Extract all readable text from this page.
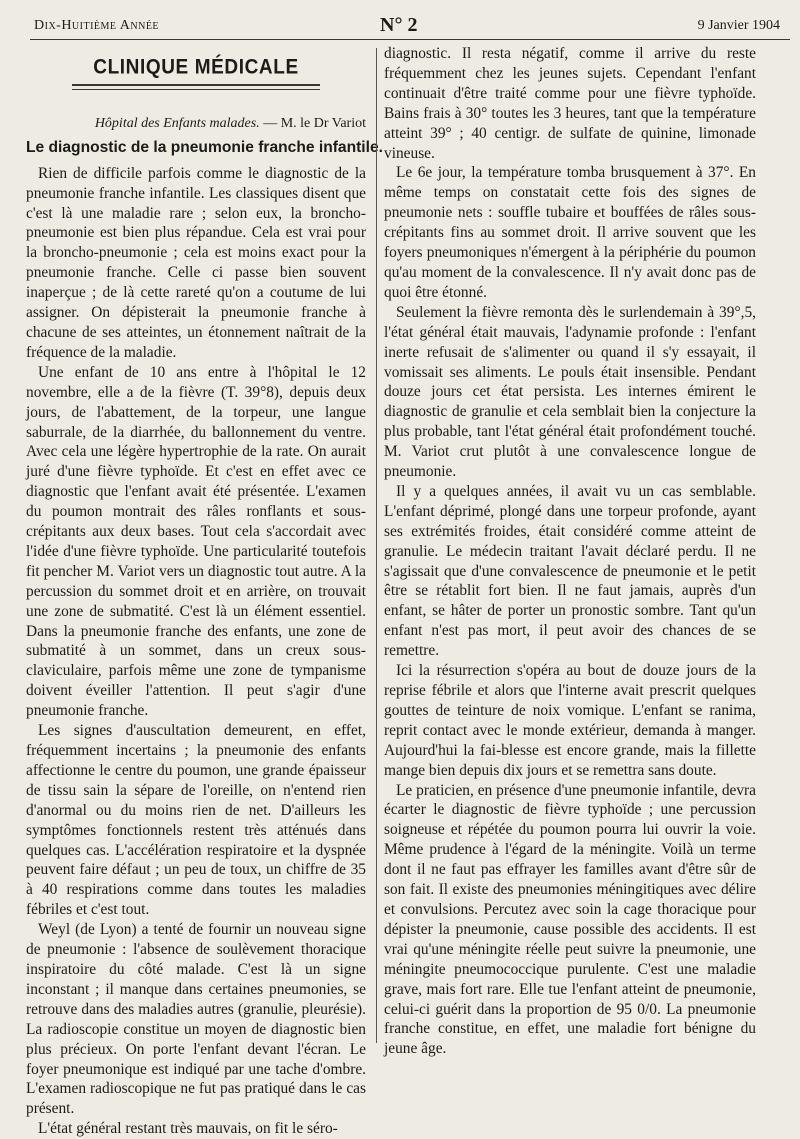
Dix-Huitième Année	N° 2	9 Janvier 1904
CLINIQUE MÉDICALE
Hôpital des Enfants malades. — M. le Dr Variot
Le diagnostic de la pneumonie franche infantile.

Rien de difficile parfois comme le diagnostic de la pneumonie franche infantile. Les classiques disent que c'est là une maladie rare ; selon eux, la broncho-pneumonie est bien plus répandue. Cela est vrai pour la broncho-pneumonie ; cela est moins exact pour la pneumonie franche. Celle ci passe bien souvent inaperçue ; de là cette rareté qu'on a coutume de lui assigner. On dépisterait la pneumonie franche à chacune de ses atteintes, un étonnement naîtrait de la fréquence de la maladie.

Une enfant de 10 ans entre à l'hôpital le 12 novembre, elle a de la fièvre (T. 39°8), depuis deux jours, de l'abattement, de la torpeur, une langue saburrale, de la diarrhée, du ballonnement du ventre. Avec cela une légère hypertrophie de la rate. On aurait juré d'une fièvre typhoïde. Et c'est en effet avec ce diagnostic que l'enfant avait été présentée. L'examen du poumon montrait des râles ronflants et sous-crépitants aux deux bases. Tout cela s'accordait avec l'idée d'une fièvre typhoïde. Une particularité toutefois fit pencher M. Variot vers un diagnostic tout autre. A la percussion du sommet droit et en arrière, on trouvait une zone de submatité. C'est là un élément essentiel. Dans la pneumonie franche des enfants, une zone de submatité à un sommet, dans un creux sous-claviculaire, parfois même une zone de tympanisme doivent éveiller l'attention. Il peut s'agir d'une pneumonie franche.

Les signes d'auscultation demeurent, en effet, fréquemment incertains ; la pneumonie des enfants affectionne le centre du poumon, une grande épaisseur de tissu sain la sépare de l'oreille, on n'entend rien d'anormal ou du moins rien de net. D'ailleurs les symptômes fonctionnels restent très atténués dans quelques cas. L'accélération respiratoire et la dyspnée peuvent faire défaut ; un peu de toux, un chiffre de 35 à 40 respirations comme dans toutes les maladies fébriles et c'est tout.

Weyl (de Lyon) a tenté de fournir un nouveau signe de pneumonie : l'absence de soulèvement thoracique inspiratoire du côté malade. C'est là un signe inconstant ; il manque dans certaines pneumonies, se retrouve dans des maladies autres (granulie, pleurésie). La radioscopie constitue un moyen de diagnostic bien plus précieux. On porte l'enfant devant l'écran. Le foyer pneumonique est indiqué par une tache d'ombre. L'examen radioscopique ne fut pas pratiqué dans le cas présent.

L'état général restant très mauvais, on fit le séro-

diagnostic. Il resta négatif, comme il arrive du reste fréquemment chez les jeunes sujets. Cependant l'enfant continuait d'être traité comme pour une fièvre typhoïde. Bains frais à 30° toutes les 3 heures, tant que la température atteint 39° ; 40 centigr. de sulfate de quinine, limonade vineuse.

Le 6e jour, la température tomba brusquement à 37°. En même temps on constatait cette fois des signes de pneumonie nets : souffle tubaire et bouffées de râles sous-crépitants fins au sommet droit. Il arrive souvent que les foyers pneumoniques n'émergent à la périphérie du poumon qu'au moment de la convalescence. Il n'y avait donc pas de quoi être étonné.

Seulement la fièvre remonta dès le surlendemain à 39°,5, l'état général était mauvais, l'adynamie profonde : l'enfant inerte refusait de s'alimenter ou quand il s'y essayait, il vomissait ses aliments. Le pouls était insensible. Pendant douze jours cet état persista. Les internes émirent le diagnostic de granulie et cela semblait bien la conjecture la plus probable, tant l'état général était profondément touché. M. Variot crut plutôt à une convalescence longue de pneumonie.

Il y a quelques années, il avait vu un cas semblable. L'enfant déprimé, plongé dans une torpeur profonde, ayant ses extrémités froides, était considéré comme atteint de granulie. Le médecin traitant l'avait déclaré perdu. Il ne s'agissait que d'une convalescence de pneumonie et le petit être se rétablit fort bien. Il ne faut jamais, auprès d'un enfant, se hâter de porter un pronostic sombre. Tant qu'un enfant n'est pas mort, il peut avoir des chances de se remettre.

Ici la résurrection s'opéra au bout de douze jours de la reprise fébrile et alors que l'interne avait prescrit quelques gouttes de teinture de noix vomique. L'enfant se ranima, reprit contact avec le monde extérieur, demanda à manger. Aujourd'hui la fai-blesse est encore grande, mais la fillette mange bien depuis dix jours et se remettra sans doute.

Le praticien, en présence d'une pneumonie infantile, devra écarter le diagnostic de fièvre typhoïde ; une percussion soigneuse et répétée du poumon pourra lui ouvrir la voie. Même prudence à l'égard de la méningite. Voilà un terme dont il ne faut pas effrayer les familles avant d'être sûr de son fait. Il existe des pneumonies méningitiques avec délire et convulsions. Percutez avec soin la cage thoracique pour dépister la pneumonie, cause possible des accidents. Il est vrai qu'une méningite réelle peut suivre la pneumonie, une méningite pneumococcique purulente. C'est une maladie grave, mais fort rare. Elle tue l'enfant atteint de pneumonie, celui-ci guérit dans la proportion de 95 0/0. La pneumonie franche constitue, en effet, une maladie fort bénigne du jeune âge.
